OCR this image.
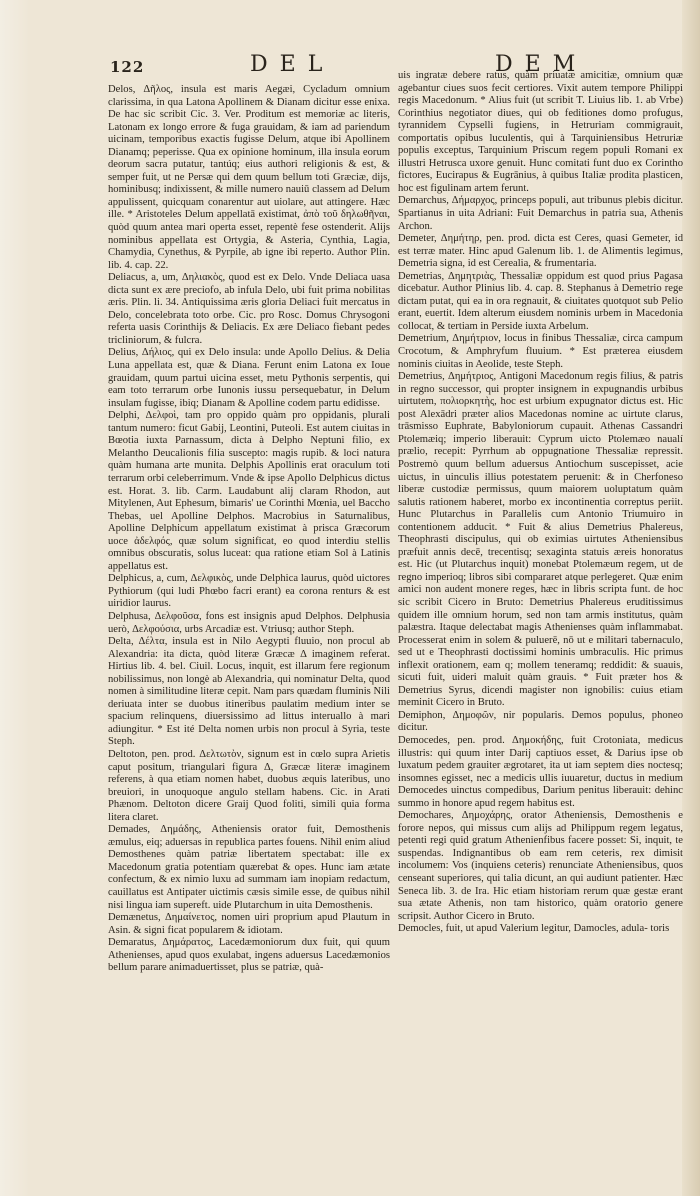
122	DEL	DEM

Delos, Δῆλος, insula est maris Aegæi, Cycladum omnium clarissima, in qua Latona Apollinem & Dianam dicitur esse enixa. De hac sic scribit Cic. 3. Ver. Proditum est memoriæ ac literis, Latonam ex longo errore & fuga grauidam, & iam ad pariendum uicinam, temporibus exactis fugisse Delum, atque ibi Apollinem Dianamq; peperisse. Qua ex opinione hominum, illa insula eorum deorum sacra putatur, tantúq; eius authori religionis & est, & semper fuit, ut ne Persæ qui dem quum bellum toti Græciæ, dijs, hominibusq; indixissent, & mille numero nauiū classem ad Delum appulissent, quicquam conarentur aut uiolare, aut attingere. Hæc ille. * Aristoteles Delum appellatā existimat, ἀπὸ τοῦ δηλωθῆναι, quòd quum antea mari operta esset, repentè fese ostenderit. Alijs nominibus appellata est Ortygia, & Asteria, Cynthia, Lagia, Chamydia, Cynethus, & Pyrpile, ab igne ibi reperto. Author Plin. lib. 4. cap. 22.

Deliacus, a, um, Δηλιακὸς, quod est ex Delo. Vnde Deliaca uasa dicta sunt ex ære preciofo, ab infula Delo, ubi fuit prima nobilitas æris. Plin. li. 34. Antiquissima æris gloria Deliaci fuit mercatus in Delo, concelebrata toto orbe. Cic. pro Rosc. Domus Chrysogoni referta uasis Corinthijs & Deliacis. Ex ære Deliaco fiebant pedes tricliniorum, & fulcra.

Delius, Δήλιος, qui ex Delo insula: unde Apollo Delius. & Delia Luna appellata est, quæ & Diana. Ferunt enim Latona ex Ioue grauidam, quum partui uicina esset, metu Pythonis serpentis, qui eam toto terrarum orbe Iunonis iussu persequebatur, in Delum insulam fugisse, ibiq; Dianam & Apolline codem partu edidisse.

Delphi, Δελφοὶ, tam pro oppido quàm pro oppidanis, plurali tantum numero: ficut Gabij, Leontini, Puteoli. Est autem ciuitas in Bœotia iuxta Parnassum, dicta à Delpho Neptuni filio, ex Melantho Deucalionis filia suscepto: magis rupib. & loci natura quàm humana arte munita. Delphis Apollinis erat oraculum toti terrarum orbi celeberrimum. Vnde & ipse Apollo Delphicus dictus est. Horat. 3. lib. Carm. Laudabunt alij claram Rhodon, aut Mitylenen, Aut Ephesum, bimaris' ue Corinthi Mœnia, uel Baccho Thebas, uel Apolline Delphos. Macrobius in Saturnalibus, Apolline Delphicum appellatum existimat à prisca Græcorum uoce ἀδελφός, quæ solum significat, eo quod interdiu stellis omnibus obscuratis, solus luceat: qua ratione etiam Sol à Latinis appellatus est.

Delphicus, a, cum, Δελφικὸς, unde Delphica laurus, quòd uictores Pythiorum (qui ludi Phœbo facri erant) ea corona renturs & est uiridior laurus.

Delphusa, Δελφοῦσα, fons est insignis apud Delphos. Delphusia uerò, Δελφούσια, urbs Arcadiæ est. Vtriusq; author Steph.

Delta, Δέλτα, insula est in Nilo Aegypti fluuio, non procul ab Alexandria: ita dicta, quòd literæ Græcæ Δ imaginem referat. Hirtius lib. 4. bel. Ciuil. Locus, inquit, est illarum fere regionum nobilissimus, non longè ab Alexandria, qui nominatur Delta, quod nomen à similitudine literæ cepit. Nam pars quædam fluminis Nili deriuata inter se duobus itineribus paulatim medium inter se spacium relinquens, diuersissimo ad littus interuallo à mari adiungitur. * Est ité Delta nomen urbis non procul à Syria, teste Steph.

Deltoton, pen. prod. Δελτωτὸν, signum est in cœlo supra Arietis caput positum, triangulari figura Δ, Græcæ literæ imaginem referens, à qua etiam nomen habet, duobus æquis lateribus, uno breuiori, in unoquoque angulo stellam habens. Cic. in Arati Phænom. Deltoton dicere Graij Quod foliti, simili quia forma litera claret.

Demades, Δημάδης, Atheniensis orator fuit, Demosthenis æmulus, eiq; aduersas in republica partes fouens. Nihil enim aliud Demosthenes quàm patriæ libertatem spectabat: ille ex Macedonum gratia potentiam quærebat & opes. Hunc iam ætate confectum, & ex nimio luxu ad summam iam inopiam redactum, cauillatus est Antipater uictimis cæsis simile esse, de quibus nihil nisi lingua iam supereft. uide Plutarchum in uita Demosthenis.

Demænetus, Δημαίνετος, nomen uiri proprium apud Plautum in Asin. & signi ficat popularem & idiotam.

Demaratus, Δημάρατος, Lacedæmoniorum dux fuit, qui quum Athenienses, apud quos exulabat, ingens aduersus Lacedæmonios bellum parare animaduertisset, plus se patriæ, quà-

uis ingratæ debere ratus, quàm priuatæ amicitiæ, omnium quæ agebantur ciues suos fecit certiores. Vixit autem tempore Philippi regis Macedonum. * Alius fuit (ut scribit T. Liuius lib. 1. ab Vrbe) Corinthius negotiator diues, qui ob feditiones domo profugus, tyrannidem Cypselli fugiens, in Hetruriam commigrauit, comportatis opibus luculentis, qui à Tarquiniensibus Hetruriæ populis exceptus, Tarquinium Priscum regem populi Romani ex illustri Hetrusca uxore genuit. Hunc comitati funt duo ex Corintho fictores, Eucirapus & Eugrānius, à quibus Italiæ prodita plasticen, hoc est figulinam artem ferunt.

Demarchus, Δήμαρχος, princeps populi, aut tribunus plebis dicitur. Spartianus in uita Adriani: Fuit Demarchus in patria sua, Athenis Archon.

Demeter, Δημήτηρ, pen. prod. dicta est Ceres, quasi Gemeter, id est terræ mater. Hinc apud Galenum lib. 1. de Alimentis legimus, Demetria signa, id est Cerealia, & frumentaria.

Demetrias, Δημητριὰς, Thessaliæ oppidum est quod prius Pagasa dicebatur. Author Plinius lib. 4. cap. 8. Stephanus à Demetrio rege dictam putat, qui ea in ora regnauit, & ciuitates quotquot sub Pelio erant, euertit. Idem alterum eiusdem nominis urbem in Macedonia collocat, & tertiam in Perside iuxta Arbelum.

Demetrium, Δημήτριον, locus in finibus Thessaliæ, circa campum Crocotum, & Amphryfum fluuium. * Est præterea eiusdem nominis ciuitas in Aeolide, teste Steph.

Demetrius, Δημήτριος, Antigoni Macedonum regis filius, & patris in regno successor, qui propter insignem in expugnandis urbibus uirtutem, πολιορκητὴς, hoc est urbium expugnator dictus est. Hic post Alexādri præter alios Macedonas nomine ac uirtute clarus, trāsmisso Euphrate, Babyloniorum cupauit. Athenas Cassandri Ptolemæiq; imperio liberauit: Cyprum uicto Ptolemæo naualí prælio, recepit: Pyrrhum ab oppugnatione Thessaliæ repressit. Postremò quum bellum aduersus Antiochum suscepisset, acie uictus, in uinculis illius potestatem peruenit: & in Cherfoneso liberæ custodiæ permissus, quum maiorem uoluptatum quàm salutis rationem haberet, morbo ex incontinentia correptus periit. Hunc Plutarchus in Parallelis cum Antonio Triumuiro in contentionem adducit. * Fuit & alius Demetrius Phalereus, Theophrasti discipulus, qui ob eximias uirtutes Atheniensibus præfuit annis decē, trecentisq; sexaginta statuis æreis honoratus est. Hic (ut Plutarchus inquit) monebat Ptolemæum regem, ut de regno imperioq; libros sibi compararet atque perlegeret. Quæ enim amici non audent monere reges, hæc in libris scripta funt. de hoc sic scribit Cicero in Bruto: Demetrius Phalereus eruditissimus quidem ille omnium horum, sed non tam armis institutus, quàm palæstra. Itaque delectabat magis Athenienses quàm inflammabat. Processerat enim in solem & puluerē, nō ut e militari tabernaculo, sed ut e Theophrasti doctissimi hominis umbraculis. Hic primus inflexit orationem, eam q; mollem teneramq; reddidit: & suauis, sicuti fuit, uideri maluit quàm grauis. * Fuit præter hos & Demetrius Syrus, dicendi magister non ignobilis: cuius etiam meminit Cicero in Bruto.

Demiphon, Δημοφῶν, nir popularis. Demos populus, phoneo dicitur.

Democedes, pen. prod. Δημοκήδης, fuit Crotoniata, medicus illustris: qui quum inter Darij captiuos esset, & Darius ipse ob luxatum pedem grauiter ægrotaret, ita ut iam septem dies noctesq; insomnes egisset, nec a medicis ullis iuuaretur, ductus in medium Democedes uinctus compedibus, Darium penitus liberauit: dehinc summo in honore apud regem habitus est.

Demochares, Δημοχάρης, orator Atheniensis, Demosthenis e forore nepos, qui missus cum alijs ad Philippum regem legatus, petenti regi quid gratum Athenienfibus facere posset: Si, inquit, te suspendas. Indignantibus ob eam rem ceteris, rex dimisit incolumem: Vos (inquiens ceteris) renunciate Atheniensibus, quos censeant superiores, qui talia dicunt, an qui audiunt patienter. Hæc Seneca lib. 3. de Ira. Hic etiam historiam rerum quæ gestæ erant sua ætate Athenis, non tam historico, quàm oratorio genere scripsit. Author Cicero in Bruto.

Democles, fuit, ut apud Valerium legitur, Damocles, adula- toris
